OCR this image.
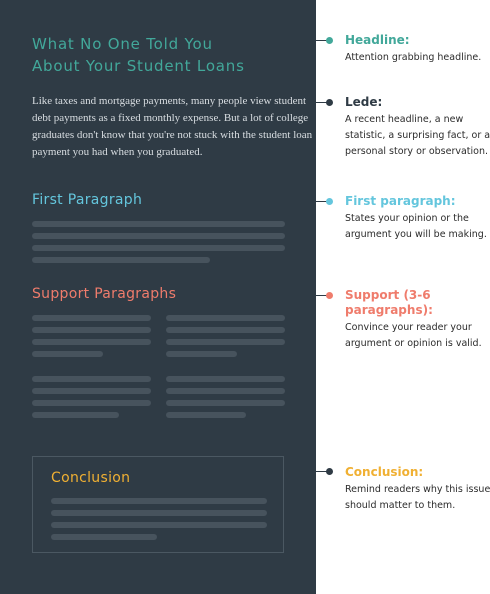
What No One Told You
About Your Student Loans
Like taxes and mortgage payments, many people view student
debt payments as a fixed monthly expense. But a lot of college
graduates don't know that you're not stuck with the student loan
payment you had when you graduated.
First Paragraph
Support Paragraphs
Conclusion
Headline:
Attention grabbing headline.
Lede:
A recent headline, a new
statistic, a surprising fact, or a
personal story or observation.
First paragraph:
States your opinion or the
argument you will be making.
Support (3-6
paragraphs):
Convince your reader your
argument or opinion is valid.
Conclusion:
Remind readers why this issue
should matter to them.
